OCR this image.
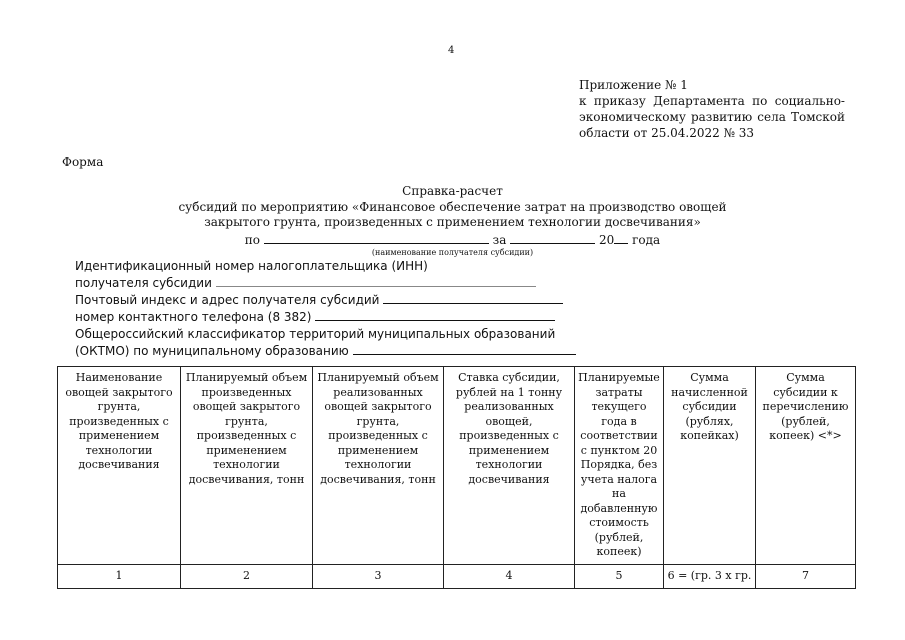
4
Приложение № 1
к приказу Департамента по социально-
экономическому развитию села Томской
области от 25.04.2022 № 33
Форма
Справка-расчет
субсидий по мероприятию «Финансовое обеспечение затрат на производство овощей
закрытого грунта, произведенных с применением технологии досвечивания»
по	за	20 года
(наименование получателя субсидии)
Идентификационный номер налогоплательщика (ИНН)
получателя субсидии
Почтовый индекс и адрес получателя субсидий
номер контактного телефона (8 382)
Общероссийский классификатор территорий муниципальных образований
(ОКТМО) по муниципальному образованию
Наименование овощей закрытого грунта, произведенных с применением технологии досвечивания	Планируемый объем произведенных овощей закрытого грунта, произведенных с применением технологии досвечивания, тонн	Планируемый объем реализованных овощей закрытого грунта, произведенных с применением технологии досвечивания, тонн	Ставка субсидии, рублей на 1 тонну реализованных овощей, произведенных с применением технологии досвечивания	Планируемые затраты текущего года в соответствии с пунктом 20 Порядка, без учета налога на добавленную стоимость (рублей, копеек)	Сумма начисленной субсидии (рублях, копейках)	Сумма субсидии к перечислению (рублей, копеек) <*>
1	2	3	4	5	6 = (гр. 3 x гр.	7
